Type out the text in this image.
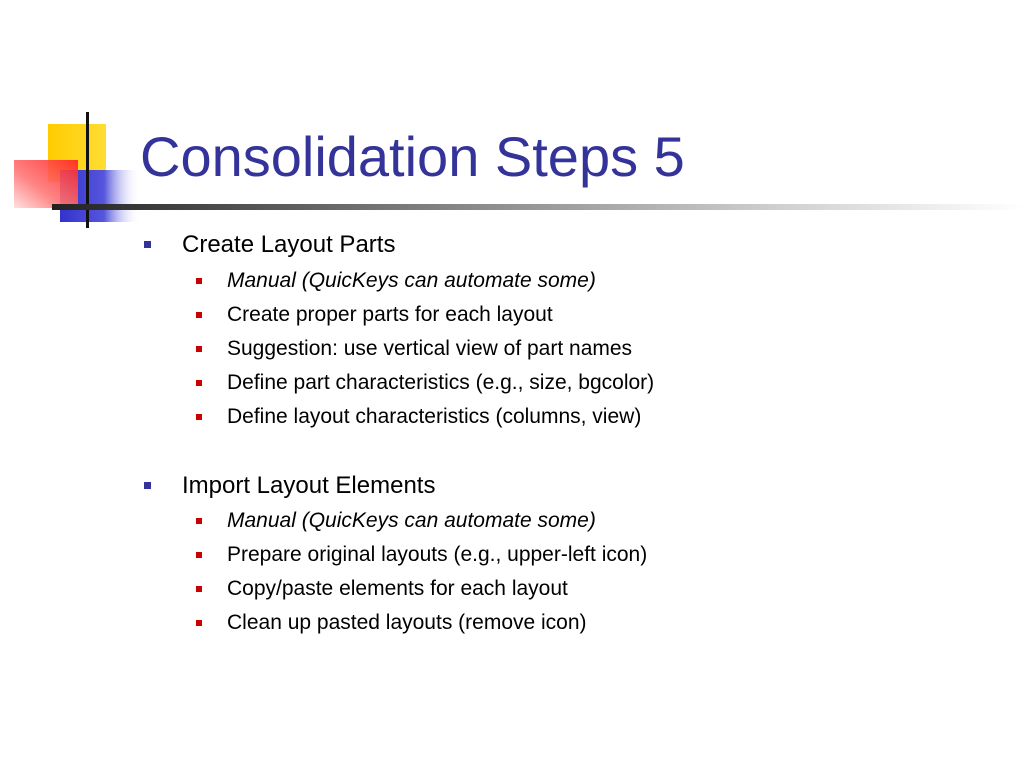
Consolidation Steps 5
Create Layout Parts
Manual (QuicKeys can automate some)
Create proper parts for each layout
Suggestion: use vertical view of part names
Define part characteristics (e.g., size, bgcolor)
Define layout characteristics (columns, view)
Import Layout Elements
Manual (QuicKeys can automate some)
Prepare original layouts (e.g., upper-left icon)
Copy/paste elements for each layout
Clean up pasted layouts (remove icon)
